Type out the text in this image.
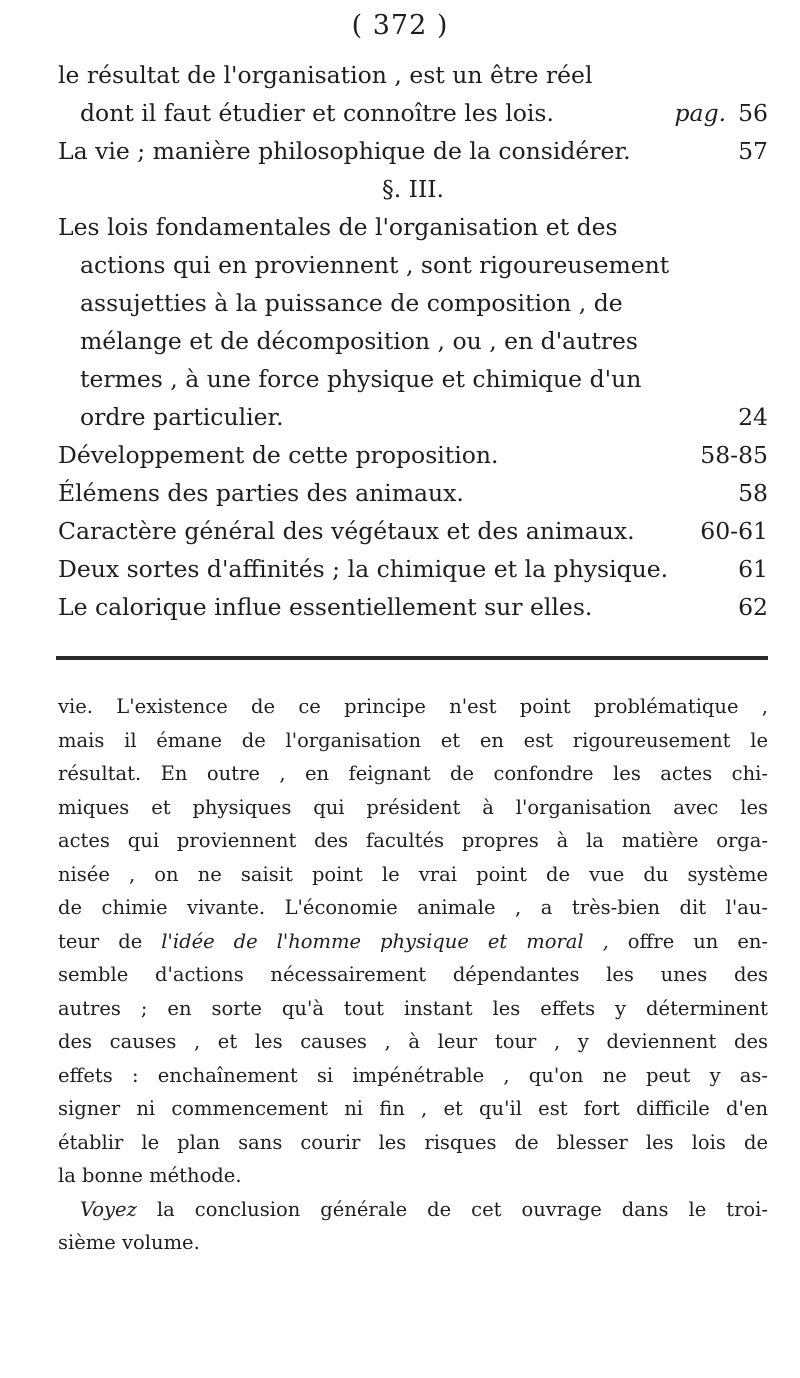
( 372 )
le résultat de l'organisation , est un être réel
dont il faut étudier et connoître les lois.	pag. 56
La vie ; manière philosophique de la considérer.	57
§. III.
Les lois fondamentales de l'organisation et des
actions qui en proviennent , sont rigoureusement
assujetties à la puissance de composition , de
mélange et de décomposition , ou , en d'autres
termes , à une force physique et chimique d'un
ordre particulier.	24
Développement de cette proposition.	58-85
Élémens des parties des animaux.	58
Caractère général des végétaux et des animaux.	60-61
Deux sortes d'affinités ; la chimique et la physique.	61
Le calorique influe essentiellement sur elles.	62
vie. L'existence de ce principe n'est point problématique ,
mais il émane de l'organisation et en est rigoureusement le
résultat. En outre , en feignant de confondre les actes chi-
miques et physiques qui président à l'organisation avec les
actes qui proviennent des facultés propres à la matière orga-
nisée , on ne saisit point le vrai point de vue du système
de chimie vivante. L'économie animale , a très-bien dit l'au-
teur de l'idée de l'homme physique et moral , offre un en-
semble d'actions nécessairement dépendantes les unes des
autres ; en sorte qu'à tout instant les effets y déterminent
des causes , et les causes , à leur tour , y deviennent des
effets : enchaînement si impénétrable , qu'on ne peut y as-
signer ni commencement ni fin , et qu'il est fort difficile d'en
établir le plan sans courir les risques de blesser les lois de
la bonne méthode.
Voyez la conclusion générale de cet ouvrage dans le troi-
sième volume.
